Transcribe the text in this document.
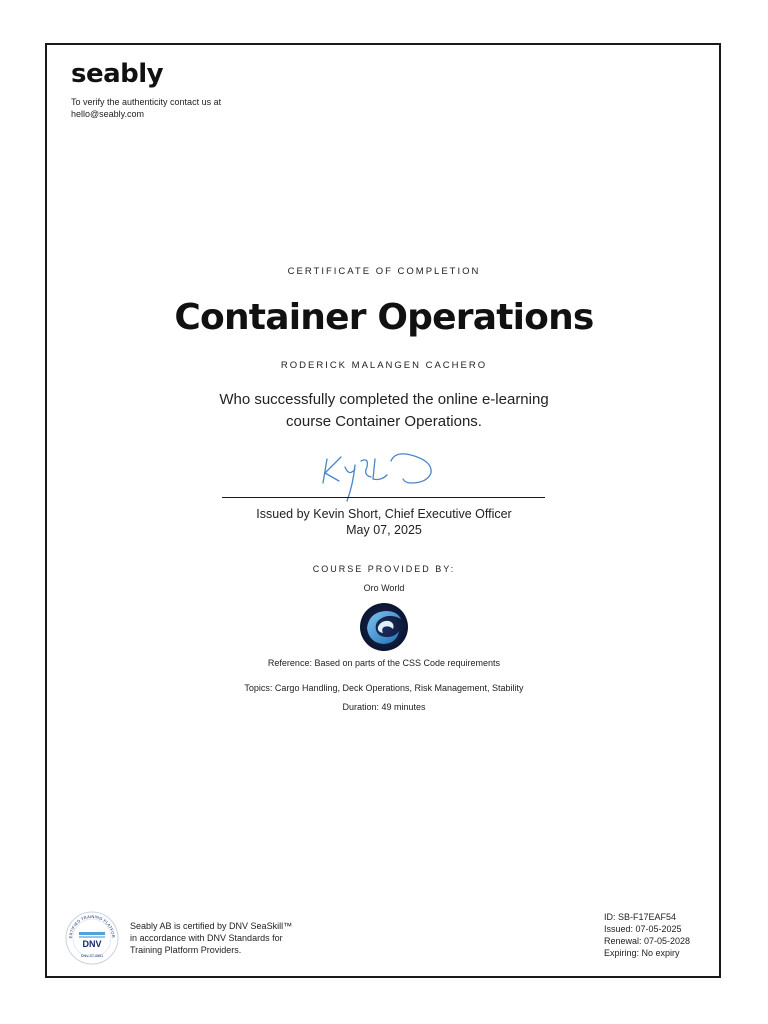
seably
To verify the authenticity contact us at hello@seably.com
CERTIFICATE OF COMPLETION
Container Operations
RODERICK MALANGEN CACHERO
Who successfully completed the online e-learning
course Container Operations.
Issued by Kevin Short, Chief Executive Officer
May 07, 2025
COURSE PROVIDED BY:
Oro World
Reference: Based on parts of the CSS Code requirements
Topics: Cargo Handling, Deck Operations, Risk Management, Stability
Duration: 49 minutes
ERTIFIED TRAINING PLATFOR
DNV
DNV-ST-0561
Seably AB is certified by DNV SeaSkill™
in accordance with DNV Standards for
Training Platform Providers.
ID: SB-F17EAF54
Issued: 07-05-2025
Renewal: 07-05-2028
Expiring: No expiry
